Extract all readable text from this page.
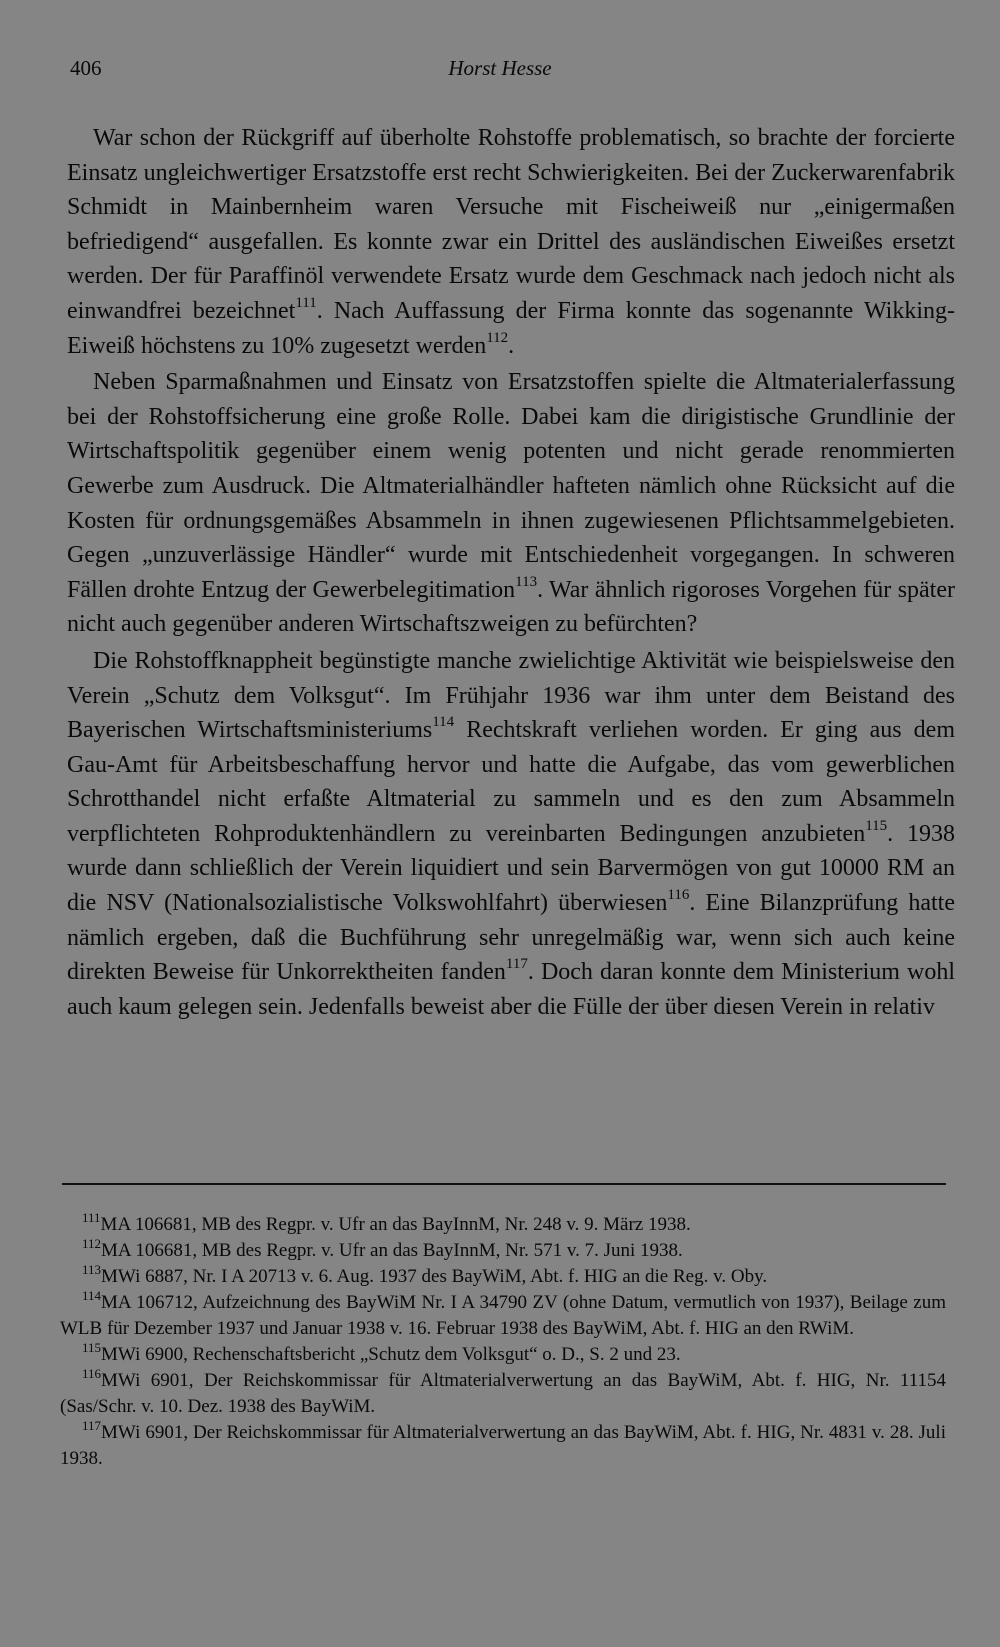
406	Horst Hesse

War schon der Rückgriff auf überholte Rohstoffe problematisch, so brachte der forcierte Einsatz ungleichwertiger Ersatzstoffe erst recht Schwierigkeiten. Bei der Zuckerwarenfabrik Schmidt in Mainbernheim waren Versuche mit Fischeiweiß nur „einigermaßen befriedigend“ ausgefallen. Es konnte zwar ein Drittel des ausländischen Eiweißes ersetzt werden. Der für Paraffinöl verwendete Ersatz wurde dem Geschmack nach jedoch nicht als einwandfrei bezeichnet$^{111}$. Nach Auffassung der Firma konnte das sogenannte Wikking-Eiweiß höchstens zu 10% zugesetzt werden$^{112}$.

Neben Sparmaßnahmen und Einsatz von Ersatzstoffen spielte die Altmaterialerfassung bei der Rohstoffsicherung eine große Rolle. Dabei kam die dirigistische Grundlinie der Wirtschaftspolitik gegenüber einem wenig potenten und nicht gerade renommierten Gewerbe zum Ausdruck. Die Altmaterialhändler hafteten nämlich ohne Rücksicht auf die Kosten für ordnungsgemäßes Absammeln in ihnen zugewiesenen Pflichtsammelgebieten. Gegen „unzuverlässige Händler“ wurde mit Entschiedenheit vorgegangen. In schweren Fällen drohte Entzug der Gewerbelegitimation$^{113}$. War ähnlich rigoroses Vorgehen für später nicht auch gegenüber anderen Wirtschaftszweigen zu befürchten?

Die Rohstoffknappheit begünstigte manche zwielichtige Aktivität wie beispielsweise den Verein „Schutz dem Volksgut“. Im Frühjahr 1936 war ihm unter dem Beistand des Bayerischen Wirtschaftsministeriums$^{114}$ Rechtskraft verliehen worden. Er ging aus dem Gau-Amt für Arbeitsbeschaffung hervor und hatte die Aufgabe, das vom gewerblichen Schrotthandel nicht erfaßte Altmaterial zu sammeln und es den zum Absammeln verpflichteten Rohproduktenhändlern zu vereinbarten Bedingungen anzubieten$^{115}$. 1938 wurde dann schließlich der Verein liquidiert und sein Barvermögen von gut 10000 RM an die NSV (Nationalsozialistische Volkswohlfahrt) überwiesen$^{116}$. Eine Bilanzprüfung hatte nämlich ergeben, daß die Buchführung sehr unregelmäßig war, wenn sich auch keine direkten Beweise für Unkorrektheiten fanden$^{117}$. Doch daran konnte dem Ministerium wohl auch kaum gelegen sein. Jedenfalls beweist aber die Fülle der über diesen Verein in relativ

$^{111}$MA 106681, MB des Regpr. v. Ufr an das BayInnM, Nr. 248 v. 9. März 1938.

$^{112}$MA 106681, MB des Regpr. v. Ufr an das BayInnM, Nr. 571 v. 7. Juni 1938.

$^{113}$MWi 6887, Nr. I A 20713 v. 6. Aug. 1937 des BayWiM, Abt. f. HIG an die Reg. v. Oby.

$^{114}$MA 106712, Aufzeichnung des BayWiM Nr. I A 34790 ZV (ohne Datum, vermutlich von 1937), Beilage zum WLB für Dezember 1937 und Januar 1938 v. 16. Februar 1938 des BayWiM, Abt. f. HIG an den RWiM.

$^{115}$MWi 6900, Rechenschaftsbericht „Schutz dem Volksgut“ o. D., S. 2 und 23.

$^{116}$MWi 6901, Der Reichskommissar für Altmaterialverwertung an das BayWiM, Abt. f. HIG, Nr. 11154 (Sas/Schr. v. 10. Dez. 1938 des BayWiM.

$^{117}$MWi 6901, Der Reichskommissar für Altmaterialverwertung an das BayWiM, Abt. f. HIG, Nr. 4831 v. 28. Juli 1938.
